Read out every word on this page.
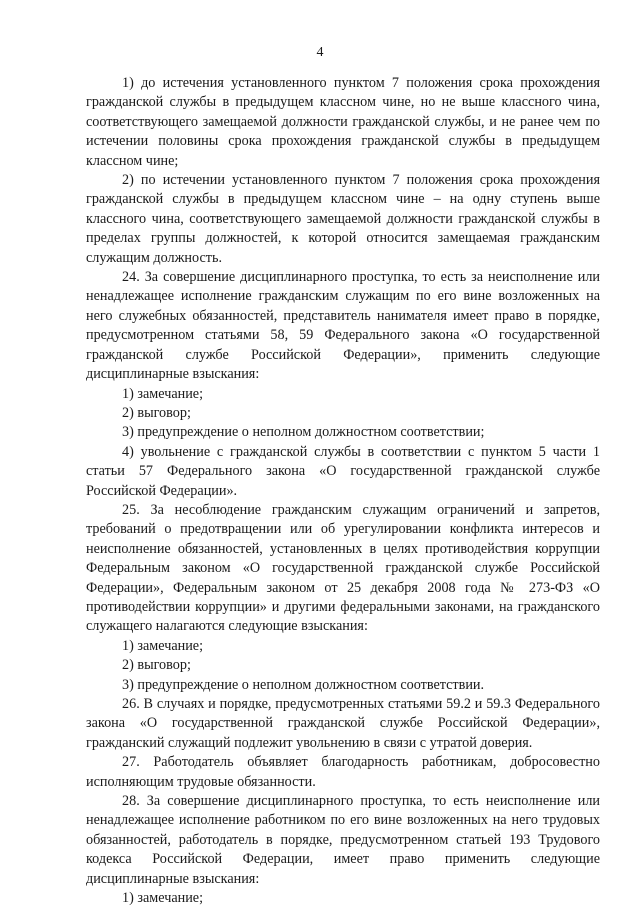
4

1) до истечения установленного пунктом 7 положения срока прохождения гражданской службы в предыдущем классном чине, но не выше классного чина, соответствующего замещаемой должности гражданской службы, и не ранее чем по истечении половины срока прохождения гражданской службы в предыдущем классном чине;

2) по истечении установленного пунктом 7 положения срока прохождения гражданской службы в предыдущем классном чине – на одну ступень выше классного чина, соответствующего замещаемой должности гражданской службы в пределах группы должностей, к которой относится замещаемая гражданским служащим должность.

24. За совершение дисциплинарного проступка, то есть за неисполнение или ненадлежащее исполнение гражданским служащим по его вине возложенных на него служебных обязанностей, представитель нанимателя имеет право в порядке, предусмотренном статьями 58, 59 Федерального закона «О государственной гражданской службе Российской Федерации», применить следующие дисциплинарные взыскания:

1) замечание;

2) выговор;

3) предупреждение о неполном должностном соответствии;

4) увольнение с гражданской службы в соответствии с пунктом 5 части 1 статьи 57 Федерального закона «О государственной гражданской службе Российской Федерации».

25. За несоблюдение гражданским служащим ограничений и запретов, требований о предотвращении или об урегулировании конфликта интересов и неисполнение обязанностей, установленных в целях противодействия коррупции Федеральным законом «О государственной гражданской службе Российской Федерации», Федеральным законом от 25 декабря 2008 года № 273-ФЗ «О противодействии коррупции» и другими федеральными законами, на гражданского служащего налагаются следующие взыскания:

1) замечание;

2) выговор;

3) предупреждение о неполном должностном соответствии.

26. В случаях и порядке, предусмотренных статьями 59.2 и 59.3 Федерального закона «О государственной гражданской службе Российской Федерации», гражданский служащий подлежит увольнению в связи с утратой доверия.

27. Работодатель объявляет благодарность работникам, добросовестно исполняющим трудовые обязанности.

28. За совершение дисциплинарного проступка, то есть неисполнение или ненадлежащее исполнение работником по его вине возложенных на него трудовых обязанностей, работодатель в порядке, предусмотренном статьей 193 Трудового кодекса Российской Федерации, имеет право применить следующие дисциплинарные взыскания:

1) замечание;
